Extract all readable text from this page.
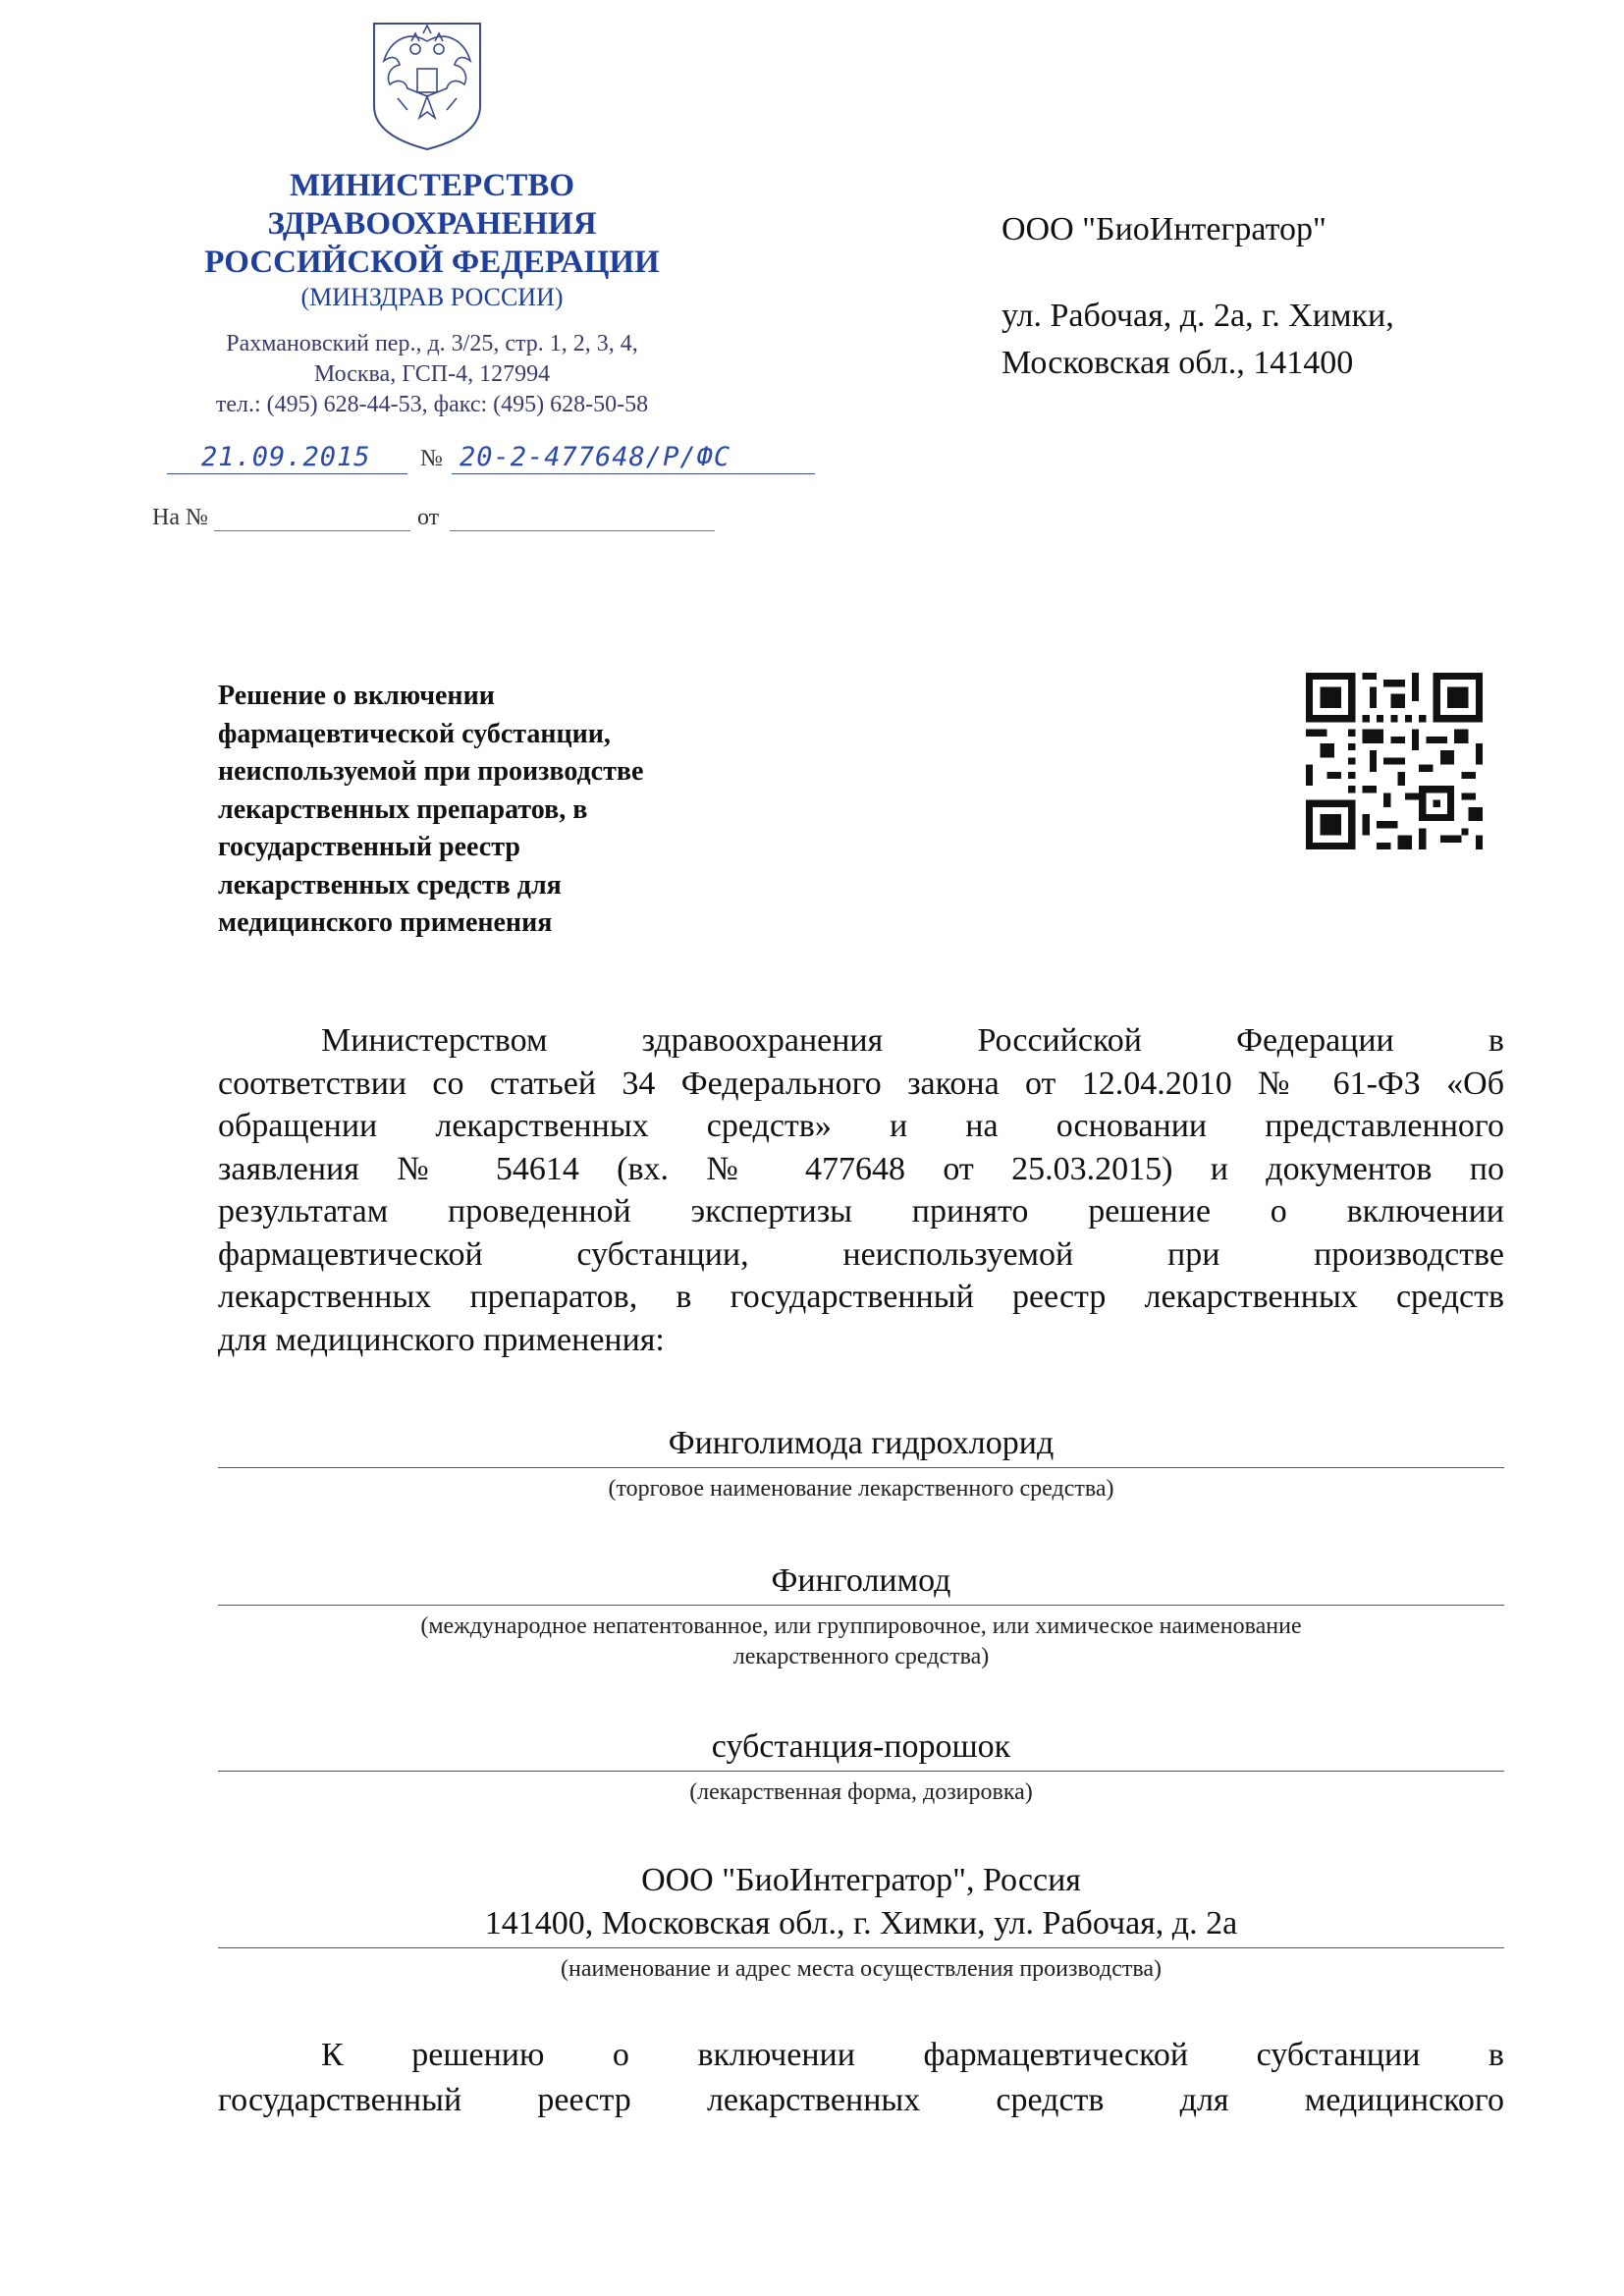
МИНИСТЕРСТВО
ЗДРАВООХРАНЕНИЯ
РОССИЙСКОЙ ФЕДЕРАЦИИ
(МИНЗДРАВ РОССИИ)
Рахмановский пер., д. 3/25, стр. 1, 2, 3, 4,
Москва, ГСП-4, 127994
тел.: (495) 628-44-53, факс: (495) 628-50-58
21.09.2015 № 20-2-477648/Р/ФС
На №	от
ООО "БиоИнтегратор"
ул. Рабочая, д. 2а, г. Химки,
Московская обл., 141400
Решение о включении
фармацевтической субстанции,
неиспользуемой при производстве
лекарственных препаратов, в
государственный реестр
лекарственных средств для
медицинского применения
Министерством здравоохранения Российской Федерации в
соответствии со статьей 34 Федерального закона от 12.04.2010 № 61-ФЗ «Об
обращении лекарственных средств» и на основании представленного
заявления № 54614 (вх. № 477648 от 25.03.2015) и документов по
результатам проведенной экспертизы принято решение о включении
фармацевтической субстанции, неиспользуемой при производстве
лекарственных препаратов, в государственный реестр лекарственных средств
для медицинского применения:
Финголимода гидрохлорид
(торговое наименование лекарственного средства)
Финголимод
(международное непатентованное, или группировочное, или химическое наименование
лекарственного средства)
субстанция-порошок
(лекарственная форма, дозировка)
ООО "БиоИнтегратор", Россия
141400, Московская обл., г. Химки, ул. Рабочая, д. 2а
(наименование и адрес места осуществления производства)
К решению о включении фармацевтической субстанции в
государственный реестр лекарственных средств для медицинского
